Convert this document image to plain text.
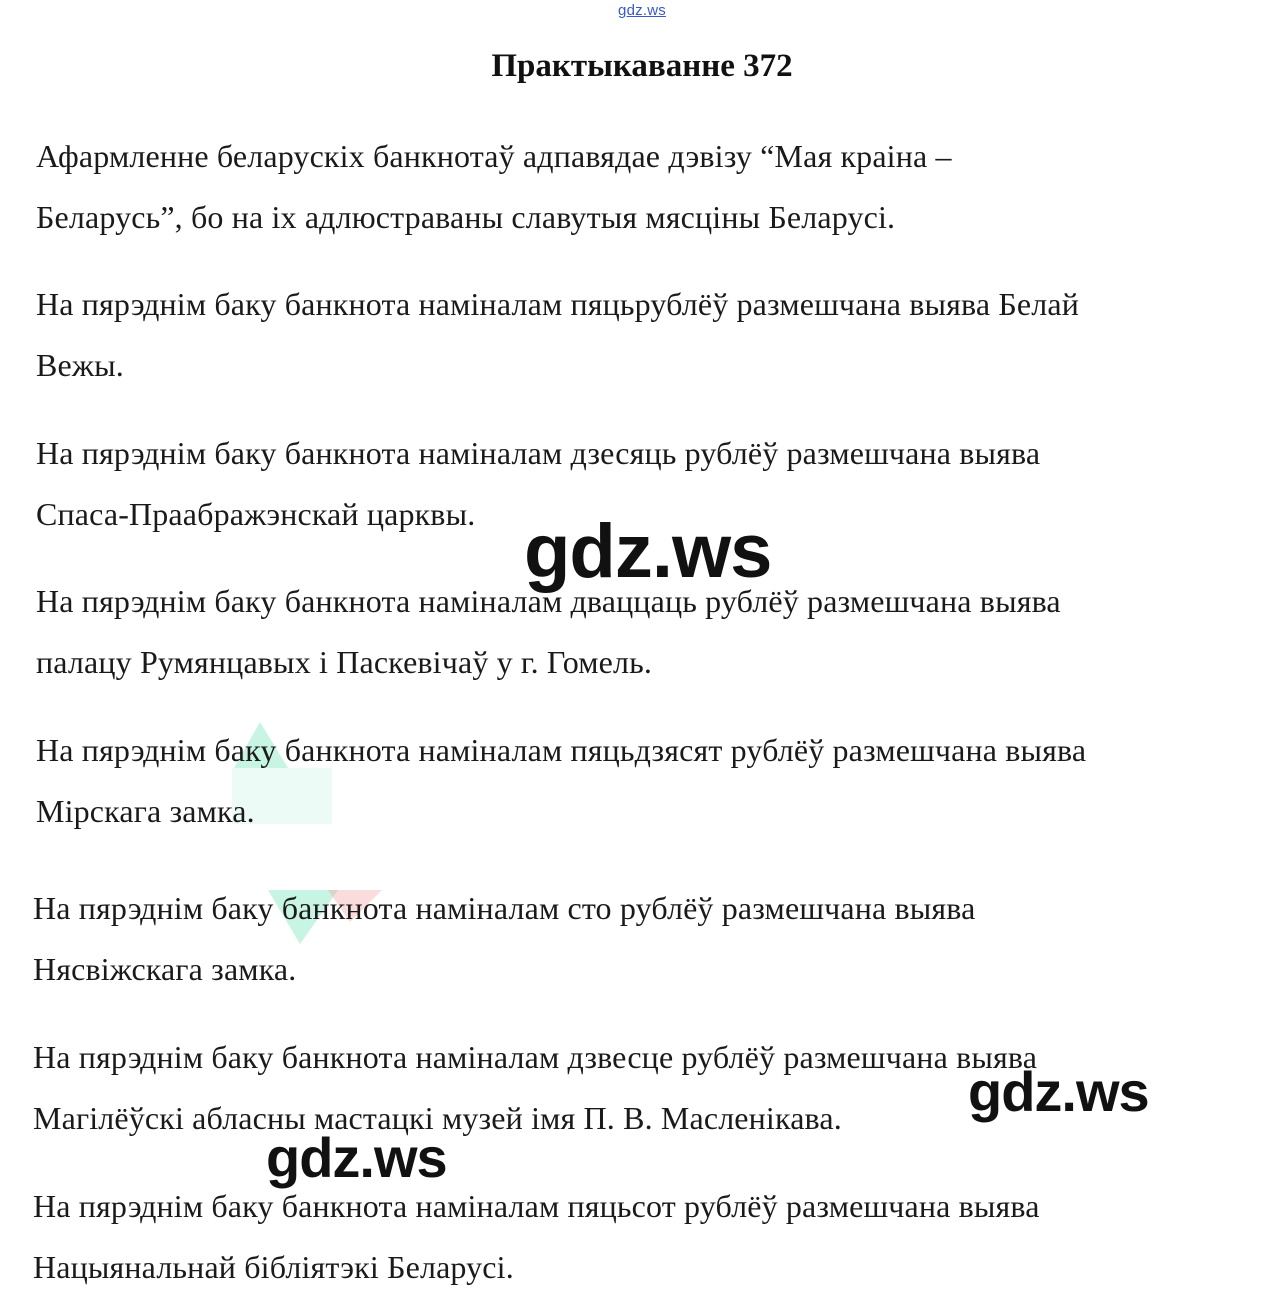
gdz.ws
Практыкаванне 372
Афармленне беларускіх банкнотаў адпавядае дэвізу “Мая краіна –
Беларусь”, бо на іх адлюстраваны славутыя мясціны Беларусі.
На пярэднім баку банкнота наміналам пяцьрублёў размешчана выява Белай
Вежы.
На пярэднім баку банкнота наміналам дзесяць рублёў размешчана выява
Спаса-Праабражэнскай царквы.
На пярэднім баку банкнота наміналам дваццаць рублёў размешчана выява
палацу Румянцавых і Паскевічаў у г. Гомель.
На пярэднім баку банкнота наміналам пяцьдзясят рублёў размешчана выява
Мірскага замка.
На пярэднім баку банкнота наміналам сто рублёў размешчана выява
Нясвіжскага замка.
На пярэднім баку банкнота наміналам дзвесце рублёў размешчана выява
Магілёўскі абласны мастацкі музей імя П. В. Масленікава.
На пярэднім баку банкнота наміналам пяцьсот рублёў размешчана выява
Нацыянальнай бібліятэкі Беларусі.
gdz.ws
gdz.ws
gdz.ws
